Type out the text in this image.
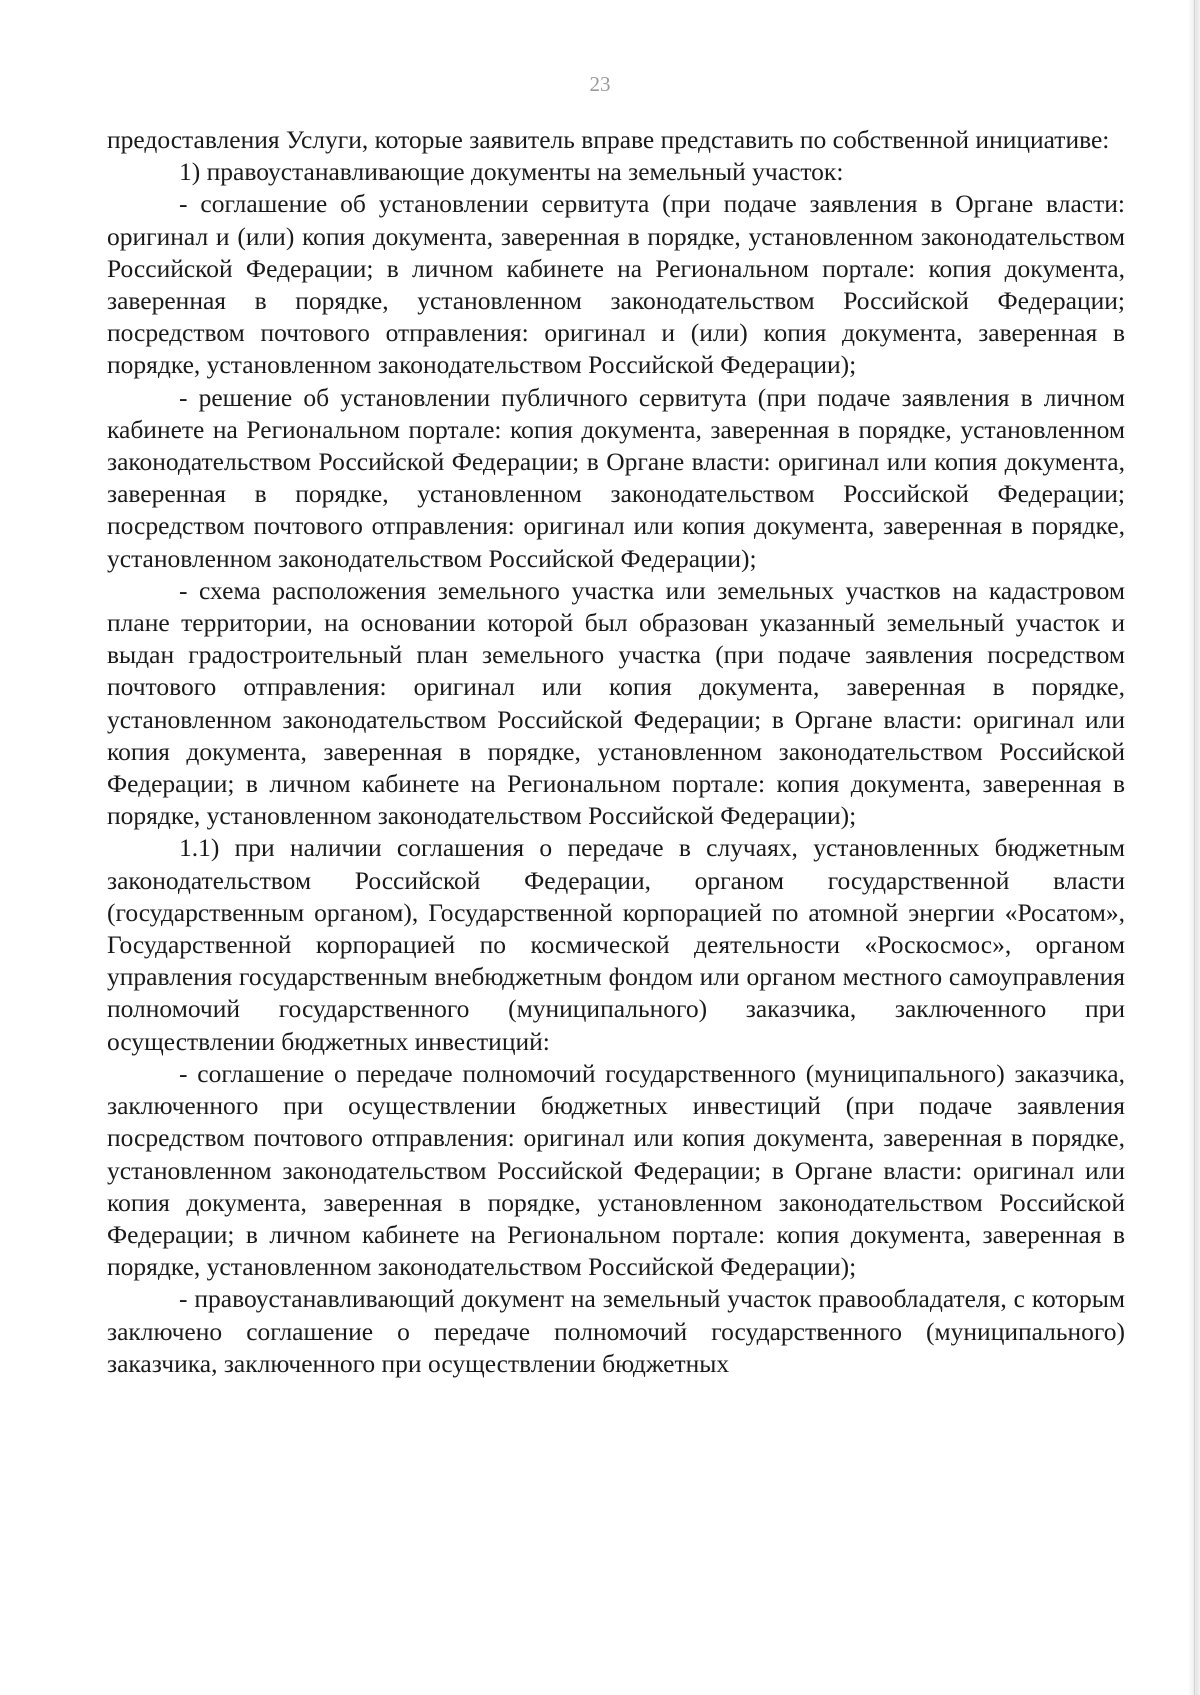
23

предоставления Услуги, которые заявитель вправе представить по собственной инициативе:

1) правоустанавливающие документы на земельный участок:

- соглашение об установлении сервитута (при подаче заявления в Органе власти: оригинал и (или) копия документа, заверенная в порядке, установленном законодательством Российской Федерации; в личном кабинете на Региональном портале: копия документа, заверенная в порядке, установленном законодательством Российской Федерации; посредством почтового отправления: оригинал и (или) копия документа, заверенная в порядке, установленном законодательством Российской Федерации);

- решение об установлении публичного сервитута (при подаче заявления в личном кабинете на Региональном портале: копия документа, заверенная в порядке, установленном законодательством Российской Федерации; в Органе власти: оригинал или копия документа, заверенная в порядке, установленном законодательством Российской Федерации; посредством почтового отправления: оригинал или копия документа, заверенная в порядке, установленном законодательством Российской Федерации);

- схема расположения земельного участка или земельных участков на кадастровом плане территории, на основании которой был образован указанный земельный участок и выдан градостроительный план земельного участка (при подаче заявления посредством почтового отправления: оригинал или копия документа, заверенная в порядке, установленном законодательством Российской Федерации; в Органе власти: оригинал или копия документа, заверенная в порядке, установленном законодательством Российской Федерации; в личном кабинете на Региональном портале: копия документа, заверенная в порядке, установленном законодательством Российской Федерации);

1.1) при наличии соглашения о передаче в случаях, установленных бюджетным законодательством Российской Федерации, органом государственной власти (государственным органом), Государственной корпорацией по атомной энергии «Росатом», Государственной корпорацией по космической деятельности «Роскосмос», органом управления государственным внебюджетным фондом или органом местного самоуправления полномочий государственного (муниципального) заказчика, заключенного при осуществлении бюджетных инвестиций:

- соглашение о передаче полномочий государственного (муниципального) заказчика, заключенного при осуществлении бюджетных инвестиций (при подаче заявления посредством почтового отправления: оригинал или копия документа, заверенная в порядке, установленном законодательством Российской Федерации; в Органе власти: оригинал или копия документа, заверенная в порядке, установленном законодательством Российской Федерации; в личном кабинете на Региональном портале: копия документа, заверенная в порядке, установленном законодательством Российской Федерации);

- правоустанавливающий документ на земельный участок правообладателя, с которым заключено соглашение о передаче полномочий государственного (муниципального) заказчика, заключенного при осуществлении бюджетных
